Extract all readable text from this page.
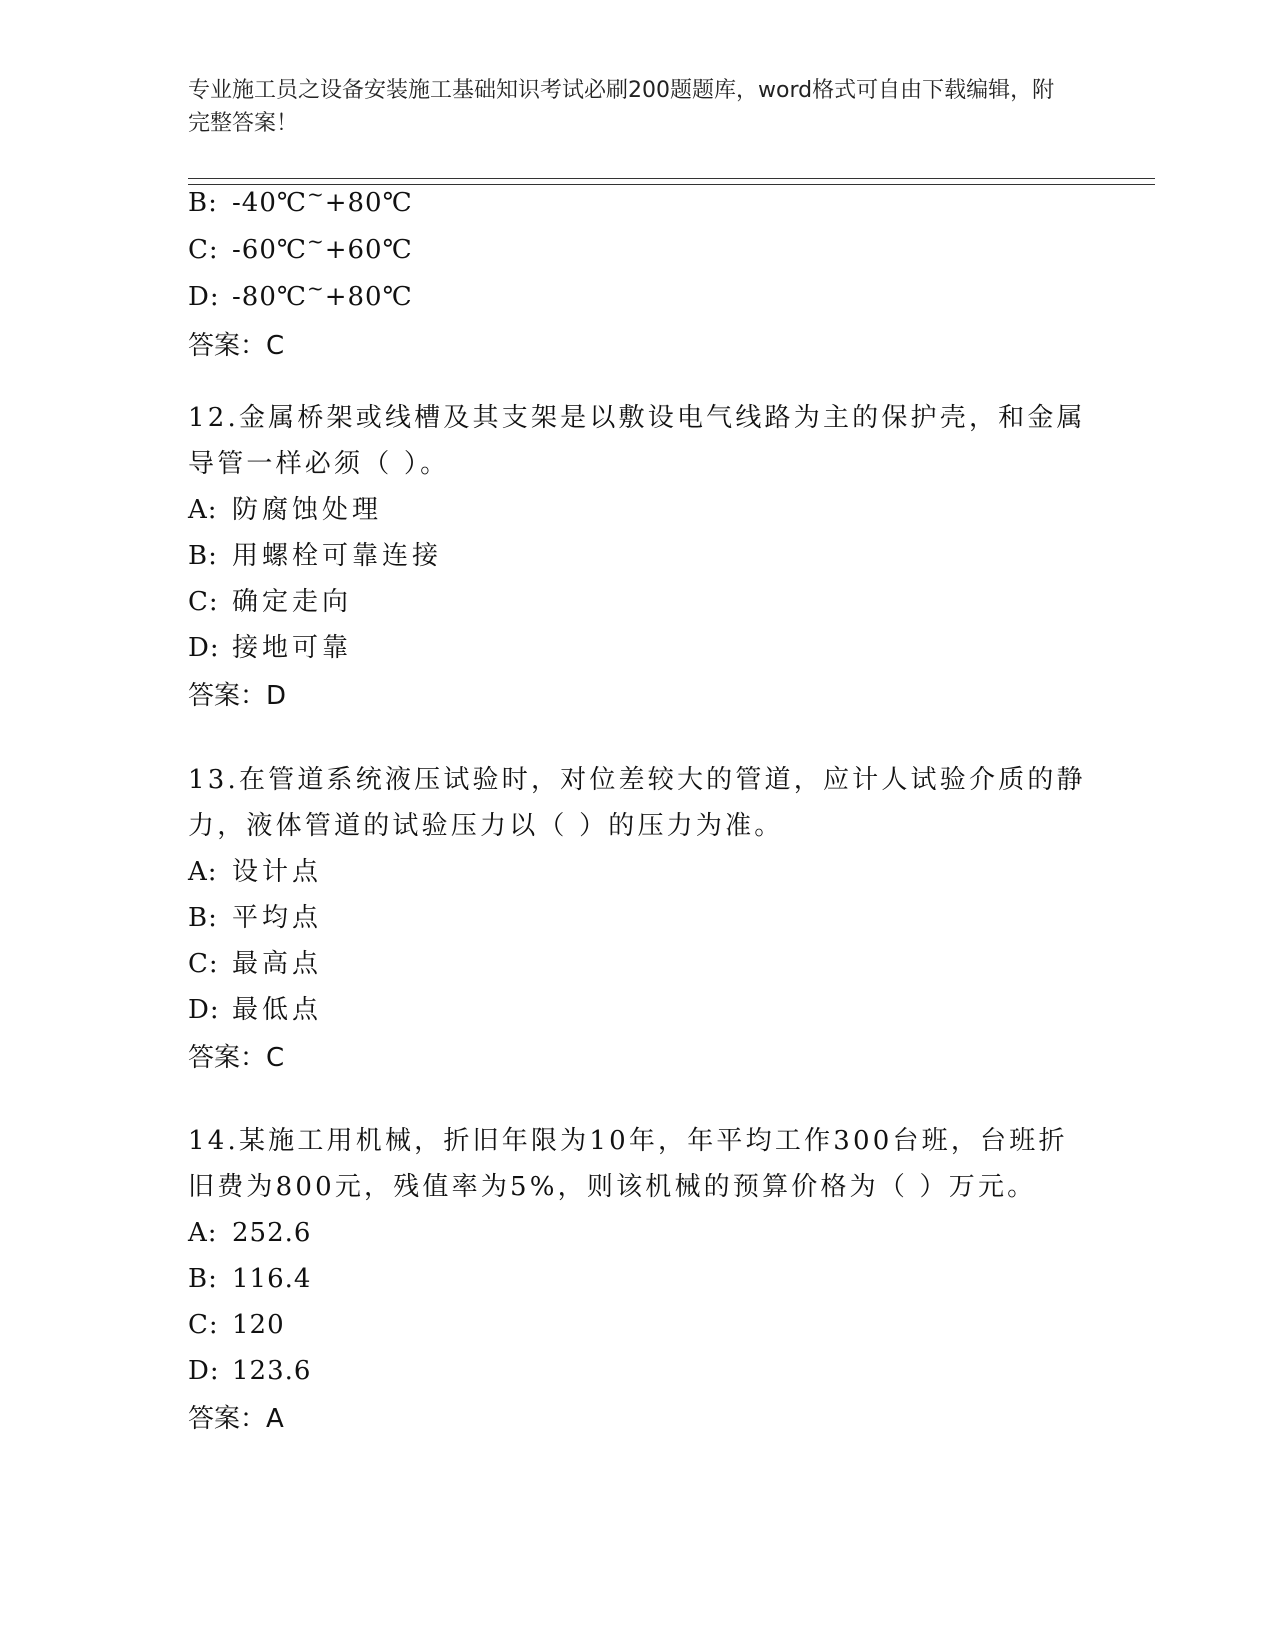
专业施工员之设备安装施工基础知识考试必刷200题题库，word格式可自由下载编辑，附完整答案！
B: -40℃~+80℃
C: -60℃~+60℃
D: -80℃~+80℃
答案：C
12.金属桥架或线槽及其支架是以敷设电气线路为主的保护壳，和金属导管一样必须（ ）。
A: 防腐蚀处理
B: 用螺栓可靠连接
C: 确定走向
D: 接地可靠
答案：D
13.在管道系统液压试验时，对位差较大的管道，应计人试验介质的静力，液体管道的试验压力以（ ）的压力为准。
A: 设计点
B: 平均点
C: 最高点
D: 最低点
答案：C
14.某施工用机械，折旧年限为10年，年平均工作300台班，台班折旧费为800元，残值率为5%，则该机械的预算价格为（ ）万元。
A: 252.6
B: 116.4
C: 120
D: 123.6
答案：A
